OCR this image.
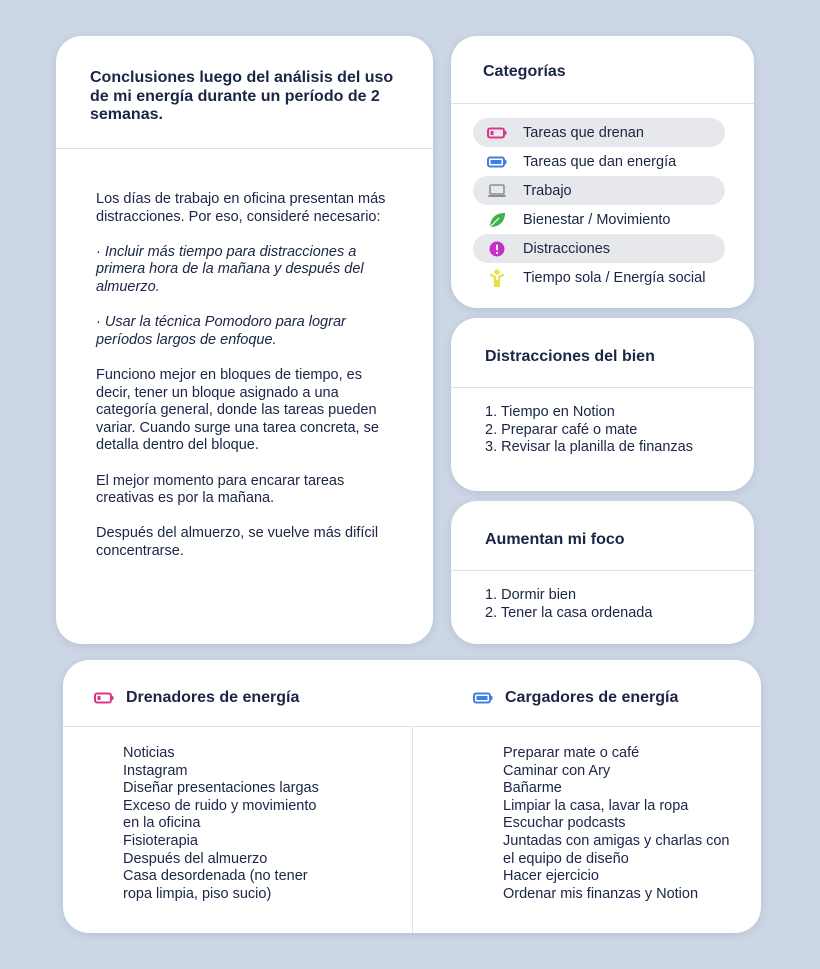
Conclusiones luego del análisis del uso de mi energía durante un período de 2 semanas.

Los días de trabajo en oficina presentan más distracciones. Por eso, consideré necesario:

· Incluir más tiempo para distracciones a primera hora de la mañana y después del almuerzo.

· Usar la técnica Pomodoro para lograr períodos largos de enfoque.

Funciono mejor en bloques de tiempo, es decir, tener un bloque asignado a una categoría general, donde las tareas pueden variar. Cuando surge una tarea concreta, se detalla dentro del bloque.

El mejor momento para encarar tareas creativas es por la mañana.

Después del almuerzo, se vuelve más difícil concentrarse.

Categorías
Tareas que drenan
Tareas que dan energía
Trabajo
Bienestar / Movimiento
Distracciones
Tiempo sola / Energía social
Distracciones del bien

1. Tiempo en Notion

2. Preparar café o mate

3. Revisar la planilla de finanzas

Aumentan mi foco

1. Dormir bien

2. Tener la casa ordenada

Drenadores de energía	Cargadores de energía

Noticias

Instagram

Diseñar presentaciones largas

Exceso de ruido y movimiento en la oficina

Fisioterapia

Después del almuerzo

Casa desordenada (no tener ropa limpia, piso sucio)

Preparar mate o café

Caminar con Ary

Bañarme

Limpiar la casa, lavar la ropa

Escuchar podcasts

Juntadas con amigas y charlas con el equipo de diseño

Hacer ejercicio

Ordenar mis finanzas y Notion
